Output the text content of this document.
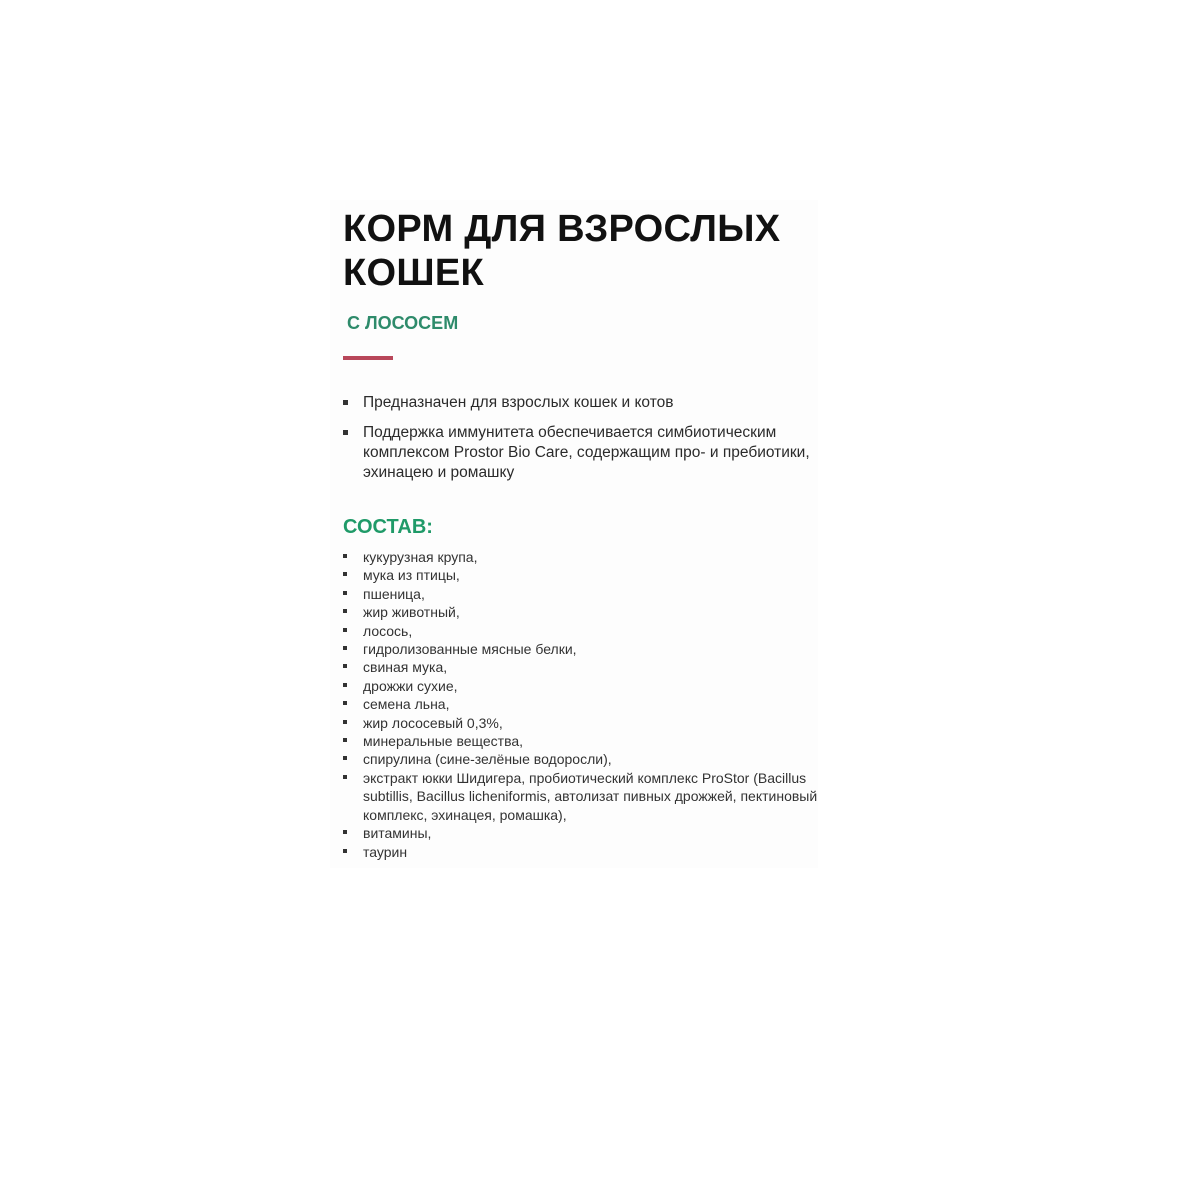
КОРМ ДЛЯ ВЗРОСЛЫХ КОШЕК
С ЛОСОСЕМ
Предназначен для взрослых кошек и котов
Поддержка иммунитета обеспечивается симбиотическим комплексом Prostor Bio Care, содержащим про- и пребиотики, эхинацею и ромашку
СОСТАВ:
кукурузная крупа,
мука из птицы,
пшеница,
жир животный,
лосось,
гидролизованные мясные белки,
свиная мука,
дрожжи сухие,
семена льна,
жир лососевый 0,3%,
минеральные вещества,
спирулина (сине-зелёные водоросли),
экстракт юкки Шидигера, пробиотический комплекс ProStor (Bacillus subtillis, Bacillus licheniformis, автолизат пивных дрожжей, пектиновый комплекс, эхинацея, ромашка),
витамины,
таурин
